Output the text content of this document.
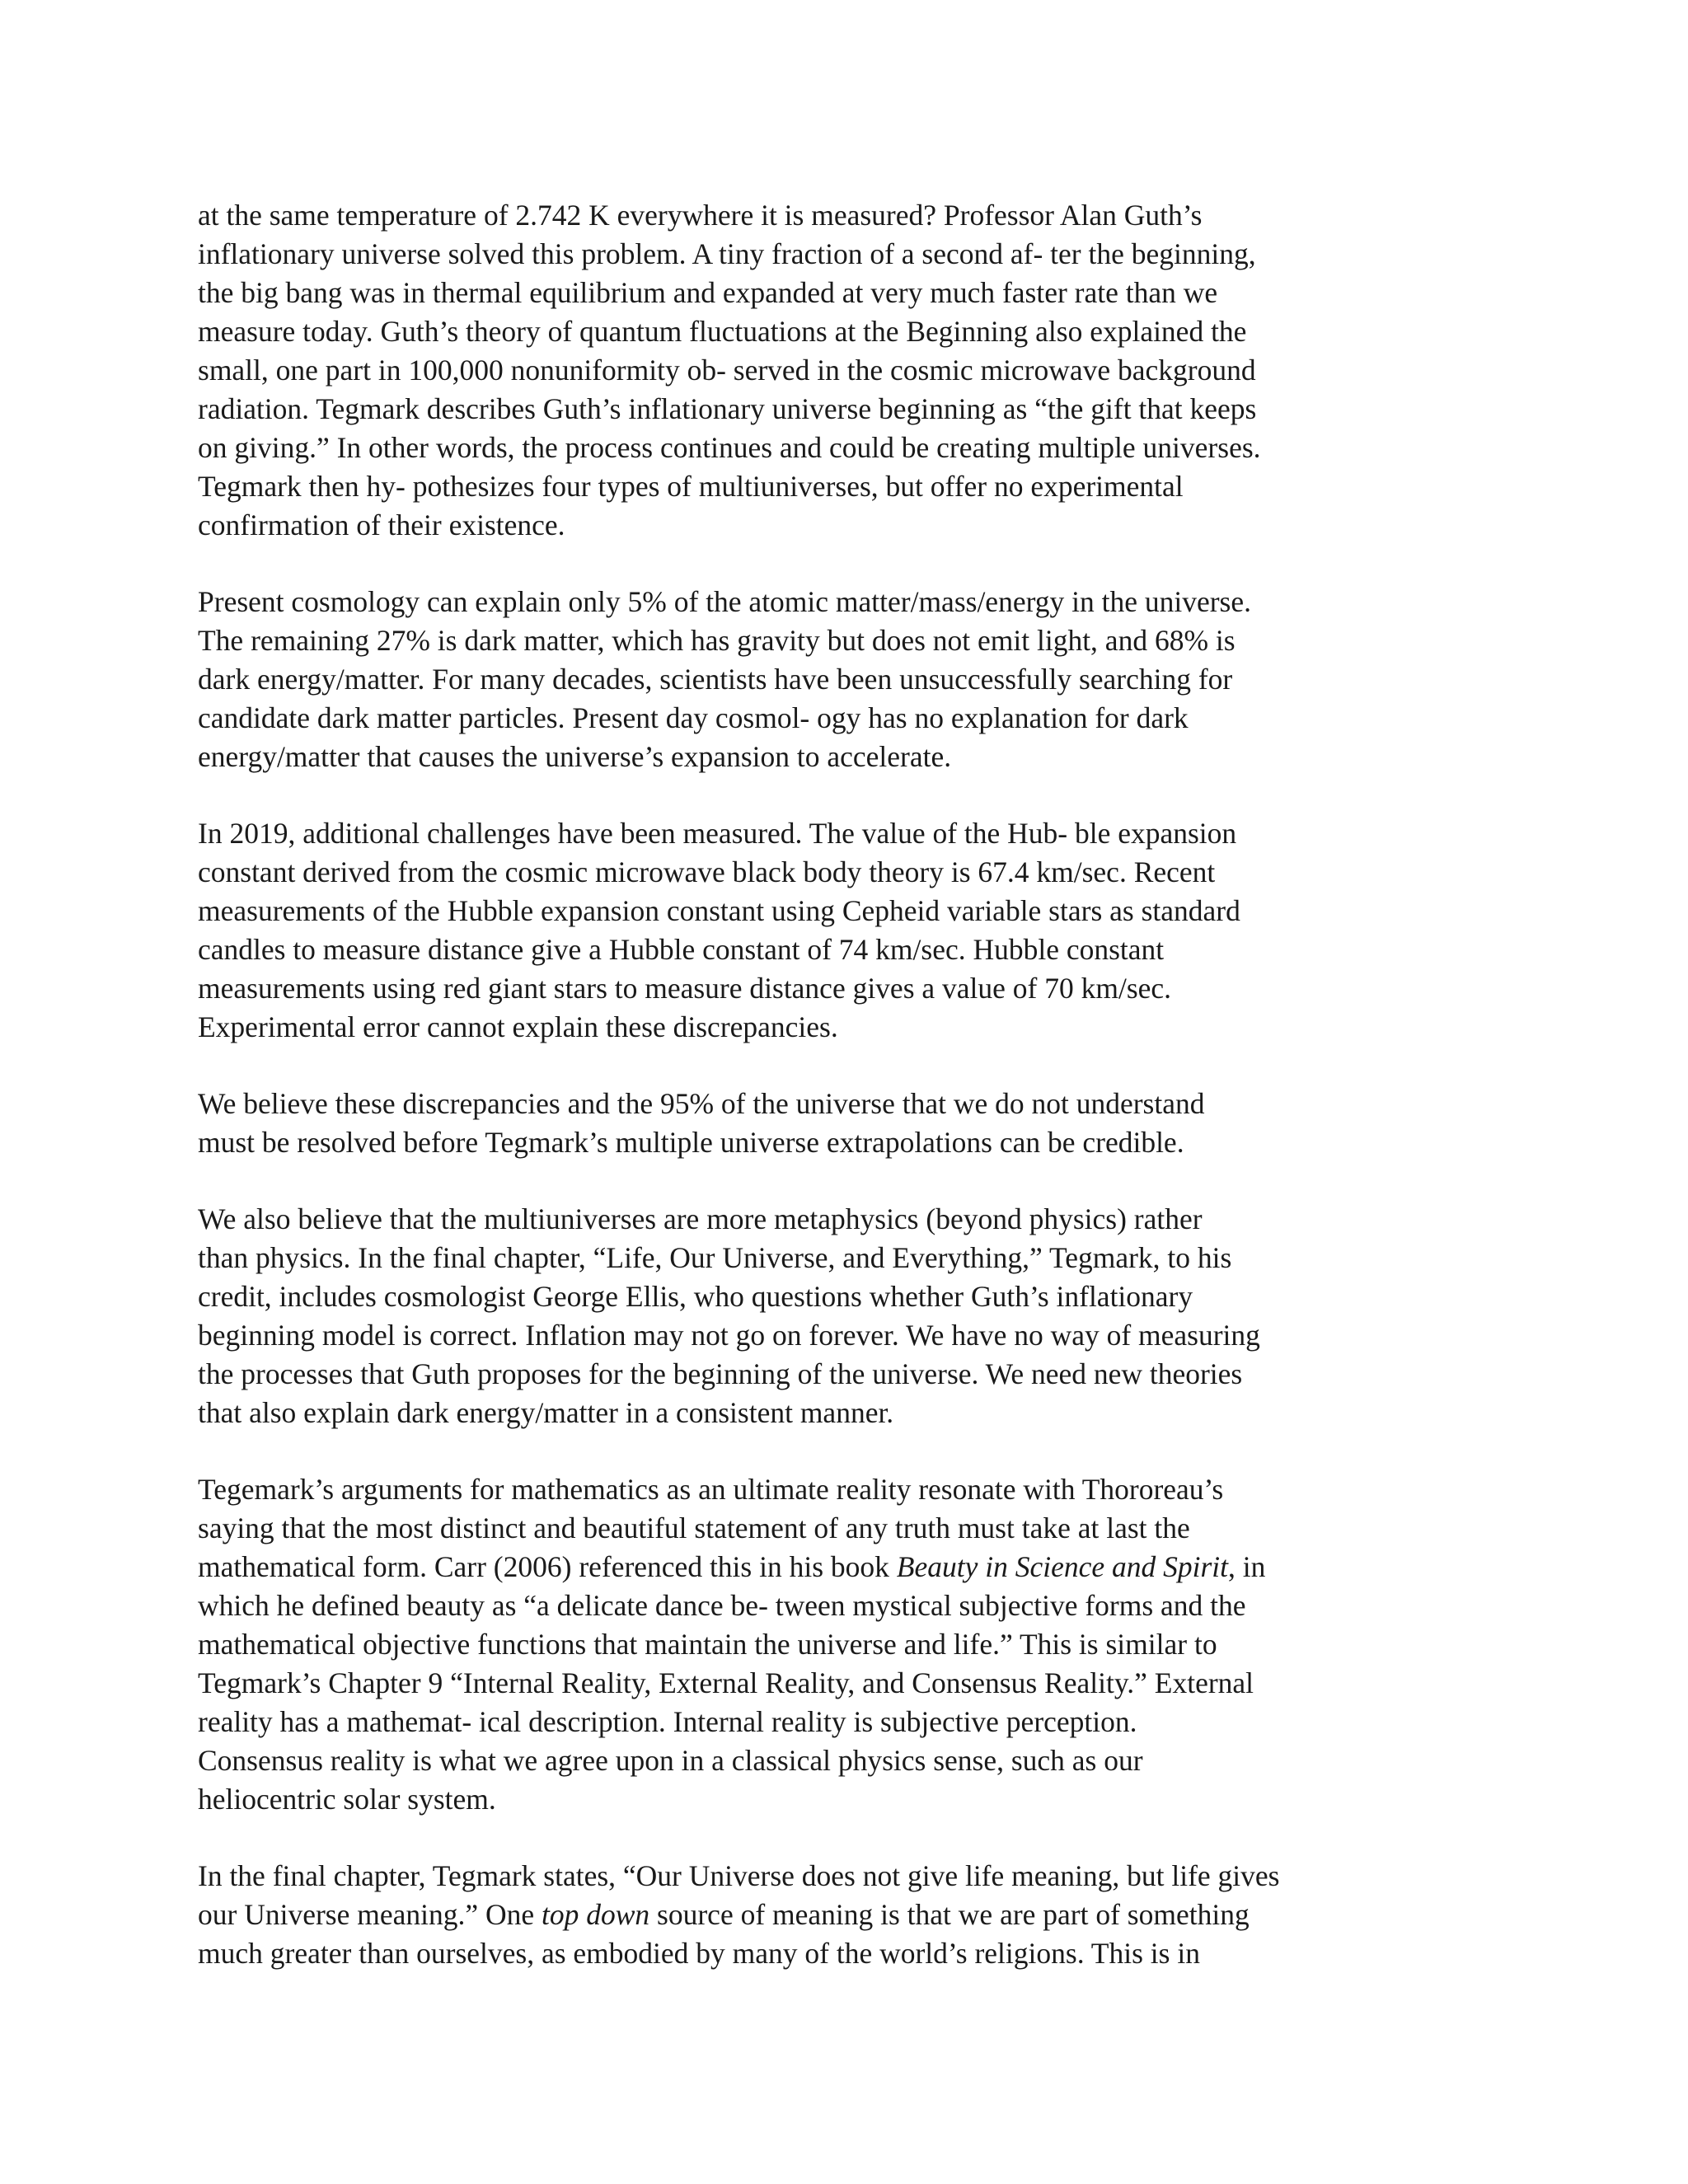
at the same temperature of 2.742 K everywhere it is measured? Professor Alan Guth’s
inflationary universe solved this problem. A tiny fraction of a second af- ter the beginning,
the big bang was in thermal equilibrium and expanded at very much faster rate than we
measure today. Guth’s theory of quantum fluctuations at the Beginning also explained the
small, one part in 100,000 nonuniformity ob- served in the cosmic microwave background
radiation. Tegmark describes Guth’s inflationary universe beginning as “the gift that keeps
on giving.” In other words, the process continues and could be creating multiple universes.
Tegmark then hy- pothesizes four types of multiuniverses, but offer no experimental
confirmation of their existence.
Present cosmology can explain only 5% of the atomic matter/mass/energy in the universe.
The remaining 27% is dark matter, which has gravity but does not emit light, and 68% is
dark energy/matter. For many decades, scientists have been unsuccessfully searching for
candidate dark matter particles. Present day cosmol- ogy has no explanation for dark
energy/matter that causes the universe’s expansion to accelerate.
In 2019, additional challenges have been measured. The value of the Hub- ble expansion
constant derived from the cosmic microwave black body theory is 67.4 km/sec. Recent
measurements of the Hubble expansion constant using Cepheid variable stars as standard
candles to measure distance give a Hubble constant of 74 km/sec. Hubble constant
measurements using red giant stars to measure distance gives a value of 70 km/sec.
Experimental error cannot explain these discrepancies.
We believe these discrepancies and the 95% of the universe that we do not understand
must be resolved before Tegmark’s multiple universe extrapolations can be credible.
We also believe that the multiuniverses are more metaphysics (beyond physics) rather
than physics. In the final chapter, “Life, Our Universe, and Everything,” Tegmark, to his
credit, includes cosmologist George Ellis, who questions whether Guth’s inflationary
beginning model is correct. Inflation may not go on forever. We have no way of measuring
the processes that Guth proposes for the beginning of the universe. We need new theories
that also explain dark energy/matter in a consistent manner.
Tegemark’s arguments for mathematics as an ultimate reality resonate with Thororeau’s
saying that the most distinct and beautiful statement of any truth must take at last the
mathematical form. Carr (2006) referenced this in his book Beauty in Science and Spirit, in
which he defined beauty as “a delicate dance be- tween mystical subjective forms and the
mathematical objective functions that maintain the universe and life.” This is similar to
Tegmark’s Chapter 9 “Internal Reality, External Reality, and Consensus Reality.” External
reality has a mathemat- ical description. Internal reality is subjective perception.
Consensus reality is what we agree upon in a classical physics sense, such as our
heliocentric solar system.
In the final chapter, Tegmark states, “Our Universe does not give life meaning, but life gives
our Universe meaning.” One top down source of meaning is that we are part of something
much greater than ourselves, as embodied by many of the world’s religions. This is in
